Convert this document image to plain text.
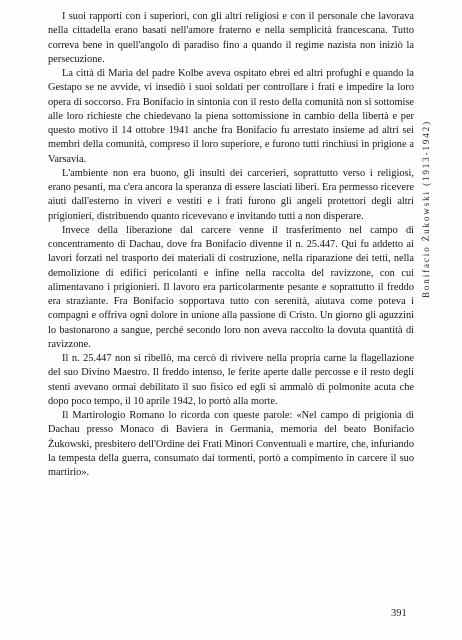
I suoi rapporti con i superiori, con gli altri religiosi e con il personale che lavorava nella cittadella erano basati nell'amore fraterno e nella semplicità francescana. Tutto correva bene in quell'angolo di paradiso fino a quando il regime nazista non iniziò la persecuzione.

La città di Maria del padre Kolbe aveva ospitato ebrei ed altri profughi e quando la Gestapo se ne avvide, vi insediò i suoi soldati per controllare i frati e impedire la loro opera di soccorso. Fra Bonifacio in sintonia con il resto della comunità non si sottomise alle loro richieste che chiedevano la piena sottomissione in cambio della libertà e per questo motivo il 14 ottobre 1941 anche fra Bonifacio fu arrestato insieme ad altri sei membri della comunità, compreso il loro superiore, e furono tutti rinchiusi in prigione a Varsavia.

L'ambiente non era buono, gli insulti dei carcerieri, soprattutto verso i religiosi, erano pesanti, ma c'era ancora la speranza di essere lasciati liberi. Era permesso ricevere aiuti dall'esterno in viveri e vestiti e i frati furono gli angeli protettori degli altri prigionieri, distribuendo quanto ricevevano e invitando tutti a non disperare.

Invece della liberazione dal carcere venne il trasferimento nel campo di concentramento di Dachau, dove fra Bonifacio divenne il n. 25.447. Qui fu addetto ai lavori forzati nel trasporto dei materiali di costruzione, nella riparazione dei tetti, nella demolizione di edifici pericolanti e infine nella raccolta del ravizzone, con cui alimentavano i prigionieri. Il lavoro era particolarmente pesante e soprattutto il freddo era straziante. Fra Bonifacio sopportava tutto con serenità, aiutava come poteva i compagni e offriva ogni dolore in unione alla passione di Cristo. Un giorno gli aguzzini lo bastonarono a sangue, perché secondo loro non aveva raccolto la dovuta quantità di ravizzone.

Il n. 25.447 non si ribellò, ma cercò di rivivere nella propria carne la flagellazione del suo Divino Maestro. Il freddo intenso, le ferite aperte dalle percosse e il resto degli stenti avevano ormai debilitato il suo fisico ed egli si ammalò di polmonite acuta che dopo poco tempo, il 10 aprile 1942, lo portò alla morte.

Il Martirologio Romano lo ricorda con queste parole: «Nel campo di prigionia di Dachau presso Monaco di Baviera in Germania, memoria del beato Bonifacio Żukowski, presbitero dell'Ordine dei Frati Minori Conventuali e martire, che, infuriando la tempesta della guerra, consumato dai tormenti, portò a compimento in carcere il suo martirio».

Bonifacio Żukowski (1913-1942)
391
